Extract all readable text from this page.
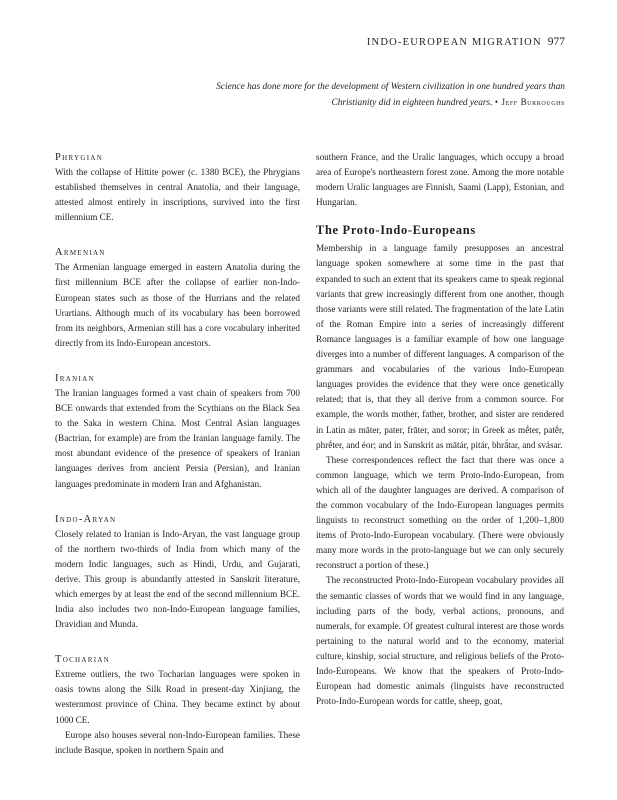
INDO-EUROPEAN MIGRATION 977
Science has done more for the development of Western civilization in one hundred years than Christianity did in eighteen hundred years. • Jeff Burroughs
Phrygian

With the collapse of Hittite power (c. 1380 BCE), the Phrygians established themselves in central Anatolia, and their language, attested almost entirely in inscriptions, survived into the first millennium CE.

Armenian

The Armenian language emerged in eastern Anatolia during the first millennium BCE after the collapse of earlier non-Indo-European states such as those of the Hurrians and the related Urartians. Although much of its vocabulary has been borrowed from its neighbors, Armenian still has a core vocabulary inherited directly from its Indo-European ancestors.

Iranian

The Iranian languages formed a vast chain of speakers from 700 BCE onwards that extended from the Scythians on the Black Sea to the Saka in western China. Most Central Asian languages (Bactrian, for example) are from the Iranian language family. The most abundant evidence of the presence of speakers of Iranian languages derives from ancient Persia (Persian), and Iranian languages predominate in modern Iran and Afghanistan.

Indo-Aryan

Closely related to Iranian is Indo-Aryan, the vast language group of the northern two-thirds of India from which many of the modern Indic languages, such as Hindi, Urdu, and Gujarati, derive. This group is abundantly attested in Sanskrit literature, which emerges by at least the end of the second millennium BCE. India also includes two non-Indo-European language families, Dravidian and Munda.

Tocharian

Extreme outliers, the two Tocharian languages were spoken in oasis towns along the Silk Road in present-day Xinjiang, the westernmost province of China. They became extinct by about 1000 CE.

Europe also houses several non-Indo-European families. These include Basque, spoken in northern Spain and

southern France, and the Uralic languages, which occupy a broad area of Europe's northeastern forest zone. Among the more notable modern Uralic languages are Finnish, Saami (Lapp), Estonian, and Hungarian.

The Proto-Indo-Europeans

Membership in a language family presupposes an ancestral language spoken somewhere at some time in the past that expanded to such an extent that its speakers came to speak regional variants that grew increasingly different from one another, though those variants were still related. The fragmentation of the late Latin of the Roman Empire into a series of increasingly different Romance languages is a familiar example of how one language diverges into a number of different languages. A comparison of the grammars and vocabularies of the various Indo-European languages provides the evidence that they were once genetically related; that is, that they all derive from a common source. For example, the words mother, father, brother, and sister are rendered in Latin as māter, pater, frāter, and soror; in Greek as mḗter, patḗr, phrḗter, and éor; and in Sanskrit as mātár, pitár, bhrā́tar, and svásar.

These correspondences reflect the fact that there was once a common language, which we term Proto-Indo-European, from which all of the daughter languages are derived. A comparison of the common vocabulary of the Indo-European languages permits linguists to reconstruct something on the order of 1,200–1,800 items of Proto-Indo-European vocabulary. (There were obviously many more words in the proto-language but we can only securely reconstruct a portion of these.)

The reconstructed Proto-Indo-European vocabulary provides all the semantic classes of words that we would find in any language, including parts of the body, verbal actions, pronouns, and numerals, for example. Of greatest cultural interest are those words pertaining to the natural world and to the economy, material culture, kinship, social structure, and religious beliefs of the Proto-Indo-Europeans. We know that the speakers of Proto-Indo-European had domestic animals (linguists have reconstructed Proto-Indo-European words for cattle, sheep, goat,
